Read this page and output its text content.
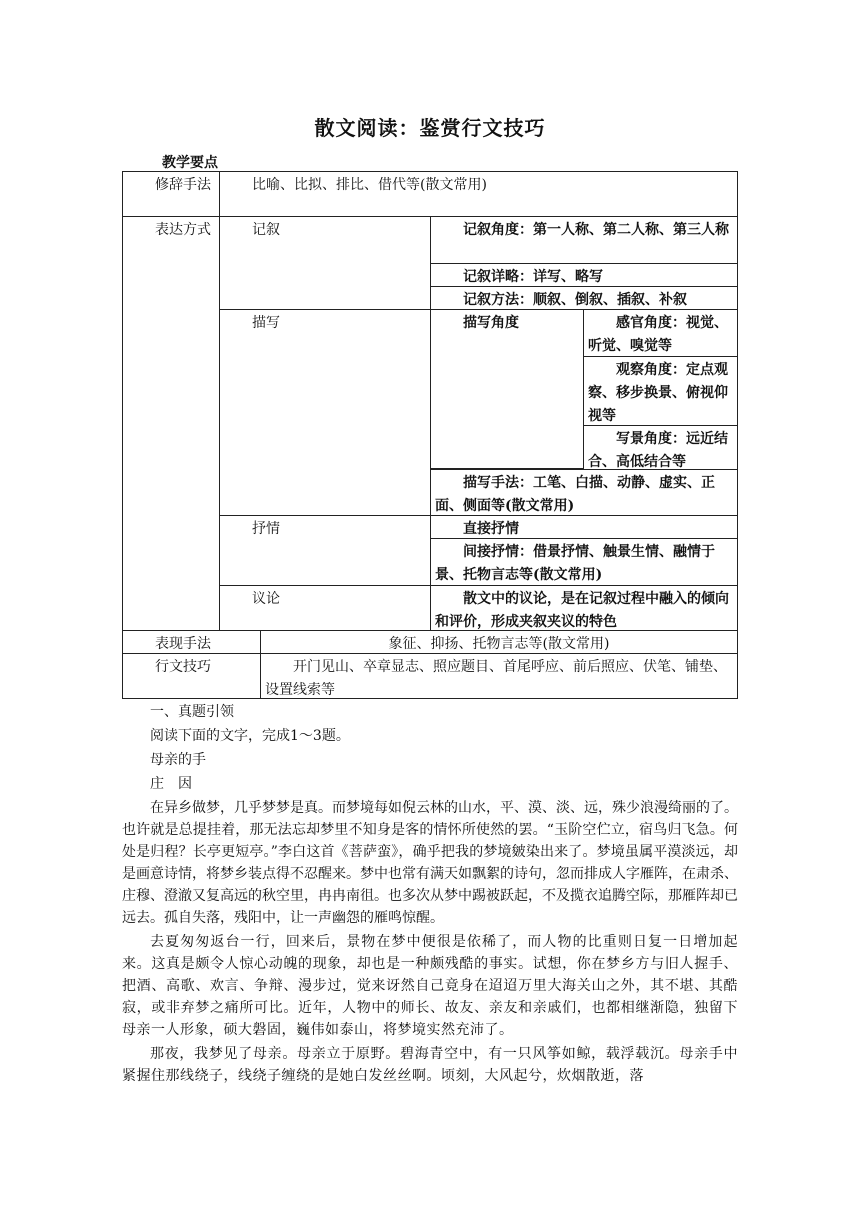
散文阅读：鉴赏行文技巧
教学要点
修辞手法	比喻、比拟、排比、借代等(散文常用)
表达方式	记叙	记叙角度：第一人称、第二人称、第三人称
记叙详略：详写、略写
记叙方法：顺叙、倒叙、插叙、补叙
描写	描写角度	感官角度：视觉、听觉、嗅觉等
观察角度：定点观察、移步换景、俯视仰视等
写景角度：远近结合、高低结合等
描写手法：工笔、白描、动静、虚实、正面、侧面等(散文常用)
抒情	直接抒情
间接抒情：借景抒情、触景生情、融情于景、托物言志等(散文常用)
议论	散文中的议论，是在记叙过程中融入的倾向和评价，形成夹叙夹议的特色
表现手法	象征、抑扬、托物言志等(散文常用)
行文技巧	开门见山、卒章显志、照应题目、首尾呼应、前后照应、伏笔、铺垫、设置线索等

一、真题引领

阅读下面的文字，完成1～3题。

母亲的手

庄　因

在异乡做梦，几乎梦梦是真。而梦境每如倪云林的山水，平、漠、淡、远，殊少浪漫绮丽的了。也许就是总提挂着，那无法忘却梦里不知身是客的情怀所使然的罢。“玉阶空伫立，宿鸟归飞急。何处是归程？长亭更短亭。”李白这首《菩萨蛮》，确乎把我的梦境皴染出来了。梦境虽属平漠淡远，却是画意诗情，将梦乡装点得不忍醒来。梦中也常有满天如飘絮的诗句，忽而排成人字雁阵，在肃杀、庄穆、澄澈又复高远的秋空里，冉冉南徂。也多次从梦中踢被跃起，不及揽衣追腾空际，那雁阵却已远去。孤自失落，残阳中，让一声幽怨的雁鸣惊醒。

去夏匆匆返台一行，回来后，景物在梦中便很是依稀了，而人物的比重则日复一日增加起来。这真是颇令人惊心动魄的现象，却也是一种颇残酷的事实。试想，你在梦乡方与旧人握手、把酒、高歌、欢言、争辩、漫步过，觉来讶然自己竟身在迢迢万里大海关山之外，其不堪、其酷寂，或非弃梦之痛所可比。近年，人物中的师长、故友、亲友和亲戚们，也都相继渐隐，独留下母亲一人形象，硕大磐固，巍伟如泰山，将梦境实然充沛了。

那夜，我梦见了母亲。母亲立于原野。碧海青空中，有一只风筝如鲸，载浮载沉。母亲手中紧握住那线绕子，线绕子缠绕的是她白发丝丝啊。顷刻，大风起兮，炊烟散逝，落
